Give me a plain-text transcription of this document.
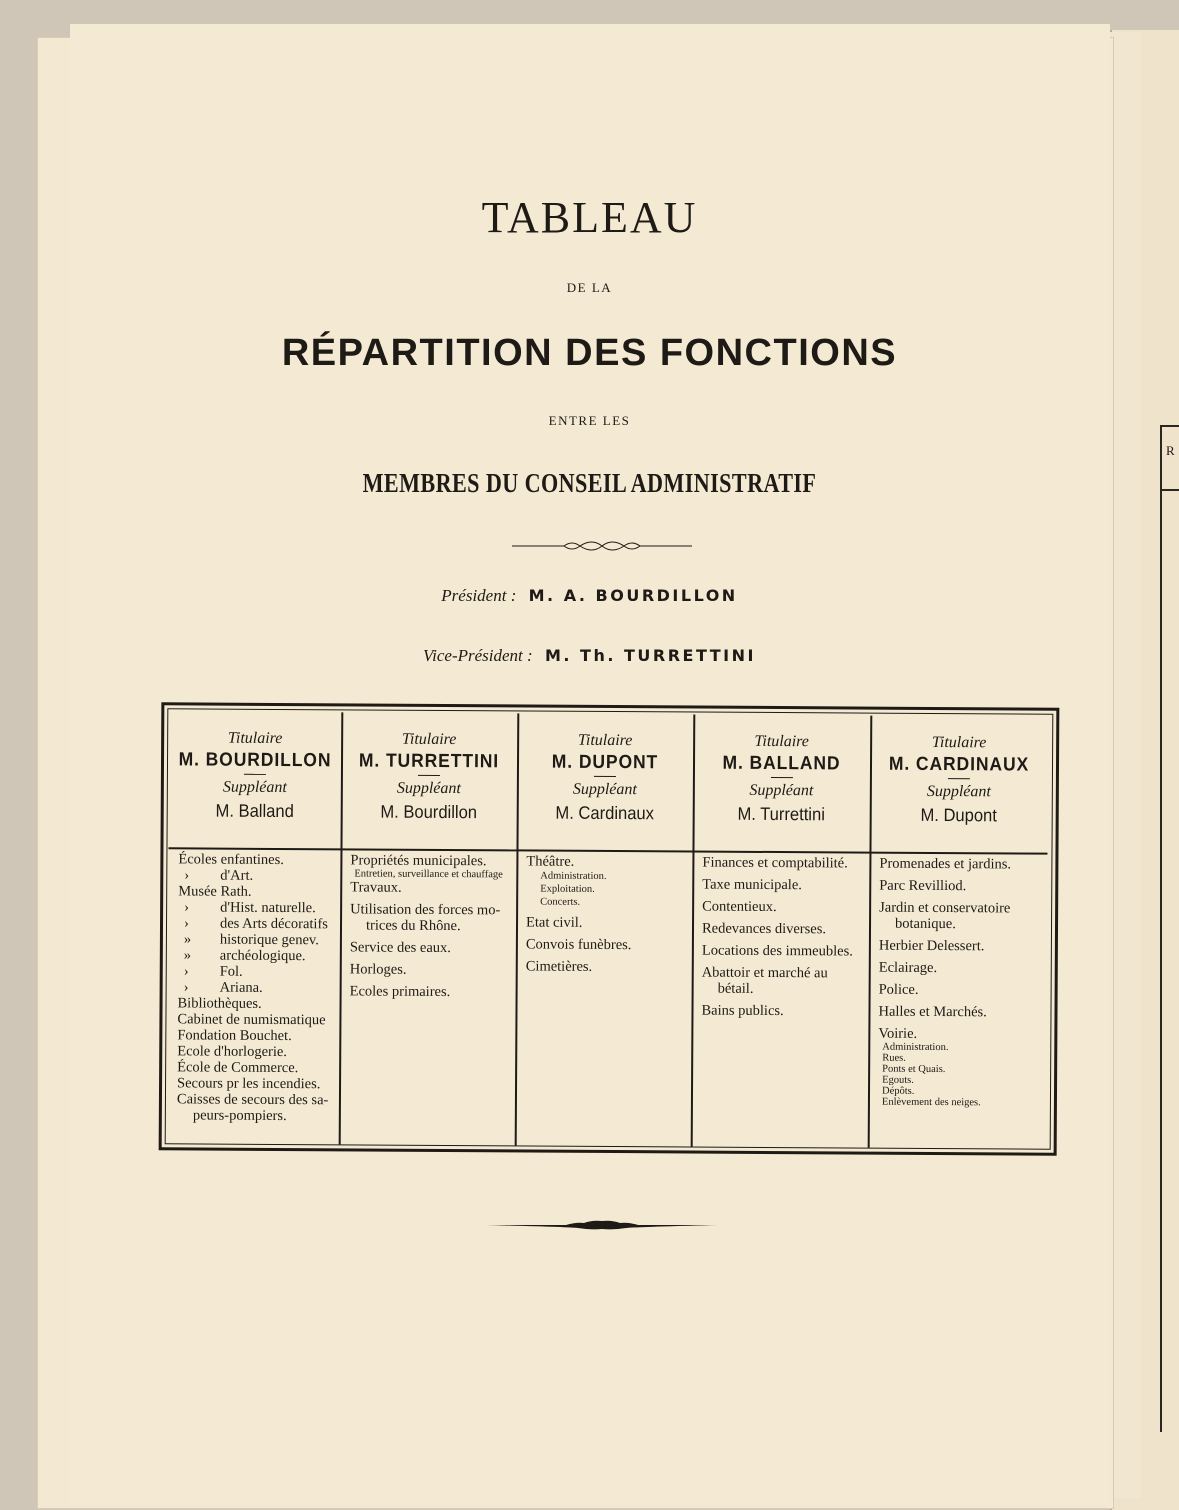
R
TABLEAU
DE LA
RÉPARTITION DES FONCTIONS
ENTRE LES
MEMBRES DU CONSEIL ADMINISTRATIF
Président : M. A. BOURDILLON
Vice-Président : M. Th. TURRETTINI
Titulaire
M. BOURDILLON
Suppléant
M. Balland
Écoles enfantines.
› d'Art.
Musée Rath.
› d'Hist. naturelle.
› des Arts décoratifs
» historique genev.
» archéologique.
› Fol.
› Ariana.
Bibliothèques.
Cabinet de numismatique
Fondation Bouchet.
Ecole d'horlogerie.
École de Commerce.
Secours pr les incendies.
Caisses de secours des sa-
peurs-pompiers.
Titulaire
M. TURRETTINI
Suppléant
M. Bourdillon
Propriétés municipales.
Entretien, surveillance et chauffage
Travaux.
Utilisation des forces mo-
trices du Rhône.
Service des eaux.
Horloges.
Ecoles primaires.
Titulaire
M. DUPONT
Suppléant
M. Cardinaux
Théâtre.
Administration.
Exploitation.
Concerts.
Etat civil.
Convois funèbres.
Cimetières.
Titulaire
M. BALLAND
Suppléant
M. Turrettini
Finances et comptabilité.
Taxe municipale.
Contentieux.
Redevances diverses.
Locations des immeubles.
Abattoir et marché au
bétail.
Bains publics.
Titulaire
M. CARDINAUX
Suppléant
M. Dupont
Promenades et jardins.
Parc Revilliod.
Jardin et conservatoire
botanique.
Herbier Delessert.
Eclairage.
Police.
Halles et Marchés.
Voirie.
Administration.
Rues.
Ponts et Quais.
Egouts.
Dépôts.
Enlèvement des neiges.
